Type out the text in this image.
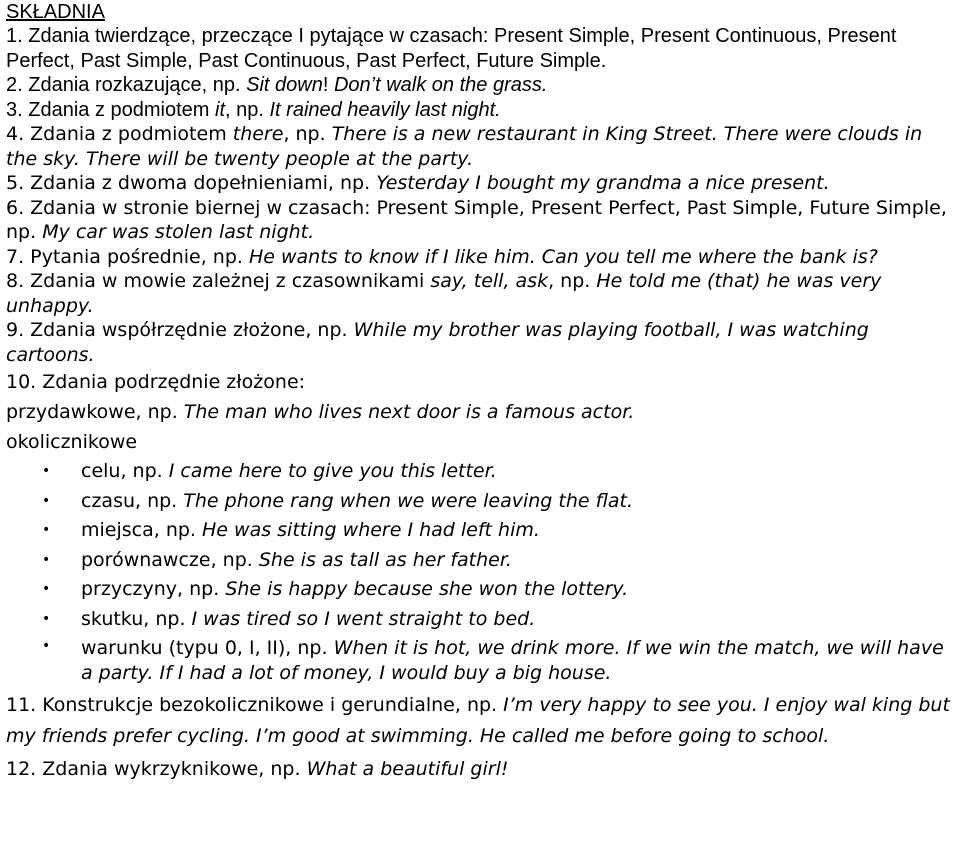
SKŁADNIA
1. Zdania twierdzące, przeczące I pytające w czasach: Present Simple, Present Continuous, Present Perfect, Past Simple, Past Continuous, Past Perfect, Future Simple.
2. Zdania rozkazujące, np. Sit down! Don’t walk on the grass.
3. Zdania z podmiotem it, np. It rained heavily last night.
4. Zdania z podmiotem there, np. There is a new restaurant in King Street. There were clouds in the sky. There will be twenty people at the party.
5. Zdania z dwoma dopełnieniami, np. Yesterday I bought my grandma a nice present.
6. Zdania w stronie biernej w czasach: Present Simple, Present Perfect, Past Simple, Future Simple, np. My car was stolen last night.
7. Pytania pośrednie, np. He wants to know if I like him. Can you tell me where the bank is?
8. Zdania w mowie zależnej z czasownikami say, tell, ask, np. He told me (that) he was very unhappy.
9. Zdania współrzędnie złożone, np. While my brother was playing football, I was watching cartoons.
10. Zdania podrzędnie złożone:
przydawkowe, np. The man who lives next door is a famous actor.
okolicznikowe
• celu, np. I came here to give you this letter.
• czasu, np. The phone rang when we were leaving the flat.
• miejsca, np. He was sitting where I had left him.
• porównawcze, np. She is as tall as her father.
• przyczyny, np. She is happy because she won the lottery.
• skutku, np. I was tired so I went straight to bed.
• warunku (typu 0, I, II), np. When it is hot, we drink more. If we win the match, we will have a party. If I had a lot of money, I would buy a big house.
11. Konstrukcje bezokolicznikowe i gerundialne, np. I’m very happy to see you. I enjoy wal king but my friends prefer cycling. I’m good at swimming. He called me before going to school.
12. Zdania wykrzyknikowe, np. What a beautiful girl!
